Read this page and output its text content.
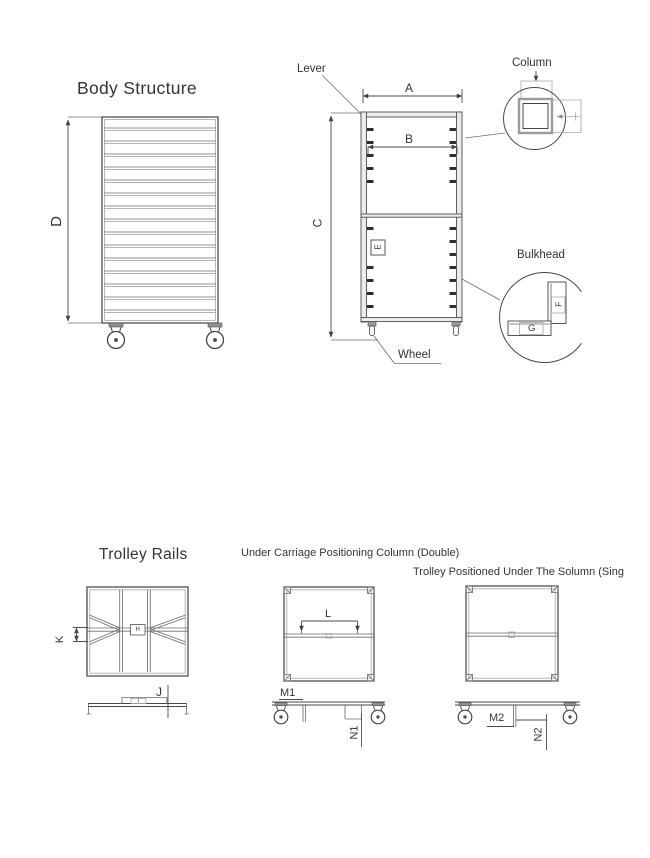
Body Structure
D
Lever
A
B
C
E
Wheel
Column
Bulkhead
F
G
Trolley Rails
K
H
J
Under Carriage Positioning Column (Double)
L
M1
N1
Trolley Positioned Under The Solumn (Sing
M2
N2
